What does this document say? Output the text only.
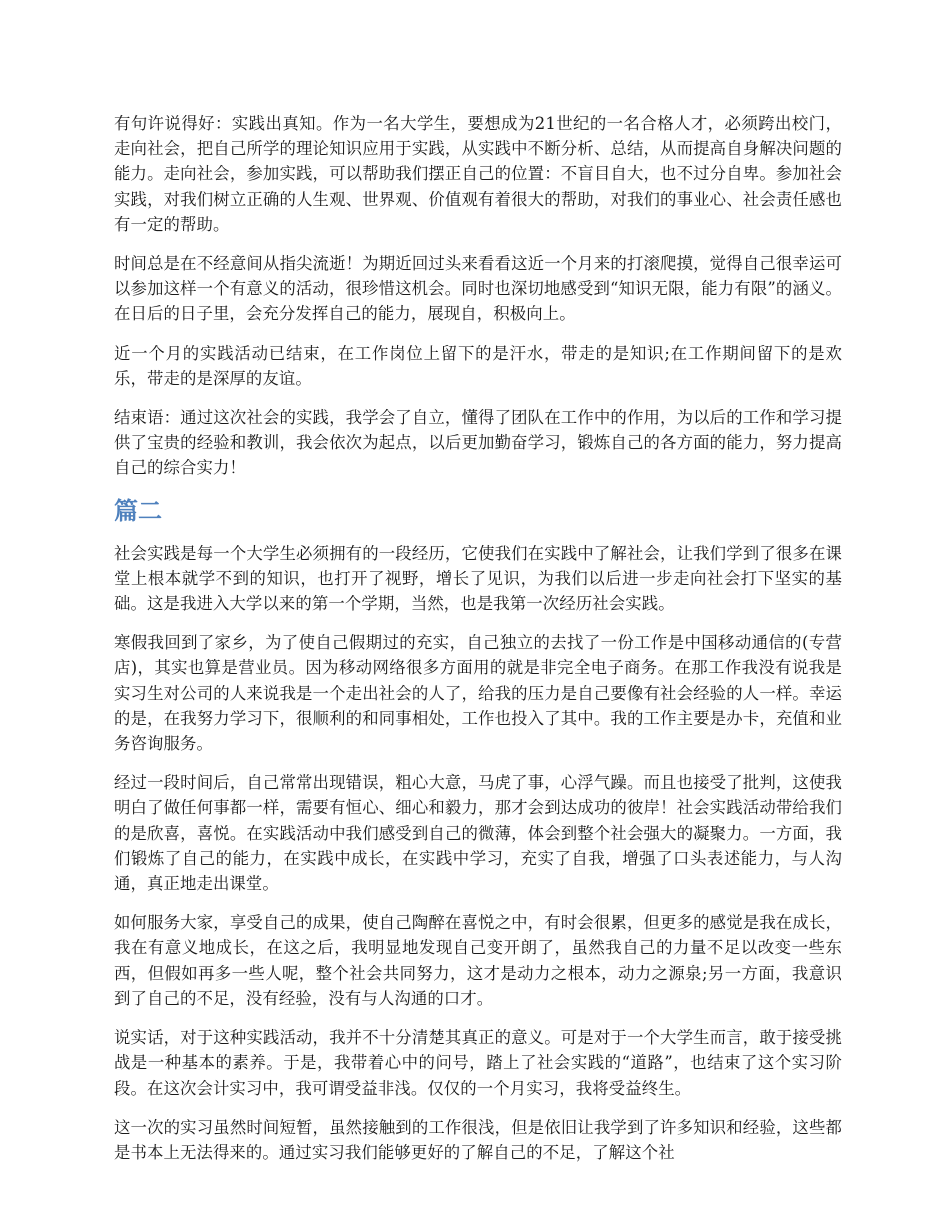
有句许说得好：实践出真知。作为一名大学生，要想成为21世纪的一名合格人才，必须跨出校门，走向社会，把自己所学的理论知识应用于实践，从实践中不断分析、总结，从而提高自身解决问题的能力。走向社会，参加实践，可以帮助我们摆正自己的位置：不盲目自大，也不过分自卑。参加社会实践，对我们树立正确的人生观、世界观、价值观有着很大的帮助，对我们的事业心、社会责任感也有一定的帮助。

时间总是在不经意间从指尖流逝！为期近回过头来看看这近一个月来的打滚爬摸，觉得自己很幸运可以参加这样一个有意义的活动，很珍惜这机会。同时也深切地感受到“知识无限，能力有限”的涵义。在日后的日子里，会充分发挥自己的能力，展现自，积极向上。

近一个月的实践活动已结束，在工作岗位上留下的是汗水，带走的是知识;在工作期间留下的是欢乐，带走的是深厚的友谊。

结束语：通过这次社会的实践，我学会了自立，懂得了团队在工作中的作用，为以后的工作和学习提供了宝贵的经验和教训，我会依次为起点，以后更加勤奋学习，锻炼自己的各方面的能力，努力提高自己的综合实力！

篇二

社会实践是每一个大学生必须拥有的一段经历，它使我们在实践中了解社会，让我们学到了很多在课堂上根本就学不到的知识，也打开了视野，增长了见识，为我们以后进一步走向社会打下坚实的基础。这是我进入大学以来的第一个学期，当然，也是我第一次经历社会实践。

寒假我回到了家乡，为了使自己假期过的充实，自己独立的去找了一份工作是中国移动通信的(专营店)，其实也算是营业员。因为移动网络很多方面用的就是非完全电子商务。在那工作我没有说我是实习生对公司的人来说我是一个走出社会的人了，给我的压力是自己要像有社会经验的人一样。幸运的是，在我努力学习下，很顺利的和同事相处，工作也投入了其中。我的工作主要是办卡，充值和业务咨询服务。

经过一段时间后，自己常常出现错误，粗心大意，马虎了事，心浮气躁。而且也接受了批判，这使我明白了做任何事都一样，需要有恒心、细心和毅力，那才会到达成功的彼岸！社会实践活动带给我们的是欣喜，喜悦。在实践活动中我们感受到自己的微薄，体会到整个社会强大的凝聚力。一方面，我们锻炼了自己的能力，在实践中成长，在实践中学习，充实了自我，增强了口头表述能力，与人沟通，真正地走出课堂。

如何服务大家，享受自己的成果，使自己陶醉在喜悦之中，有时会很累，但更多的感觉是我在成长，我在有意义地成长，在这之后，我明显地发现自己变开朗了，虽然我自己的力量不足以改变一些东西，但假如再多一些人呢，整个社会共同努力，这才是动力之根本，动力之源泉;另一方面，我意识到了自己的不足，没有经验，没有与人沟通的口才。

说实话，对于这种实践活动，我并不十分清楚其真正的意义。可是对于一个大学生而言，敢于接受挑战是一种基本的素养。于是，我带着心中的问号，踏上了社会实践的“道路”，也结束了这个实习阶段。在这次会计实习中，我可谓受益非浅。仅仅的一个月实习，我将受益终生。

这一次的实习虽然时间短暂，虽然接触到的工作很浅，但是依旧让我学到了许多知识和经验，这些都是书本上无法得来的。通过实习我们能够更好的了解自己的不足，了解这个社
